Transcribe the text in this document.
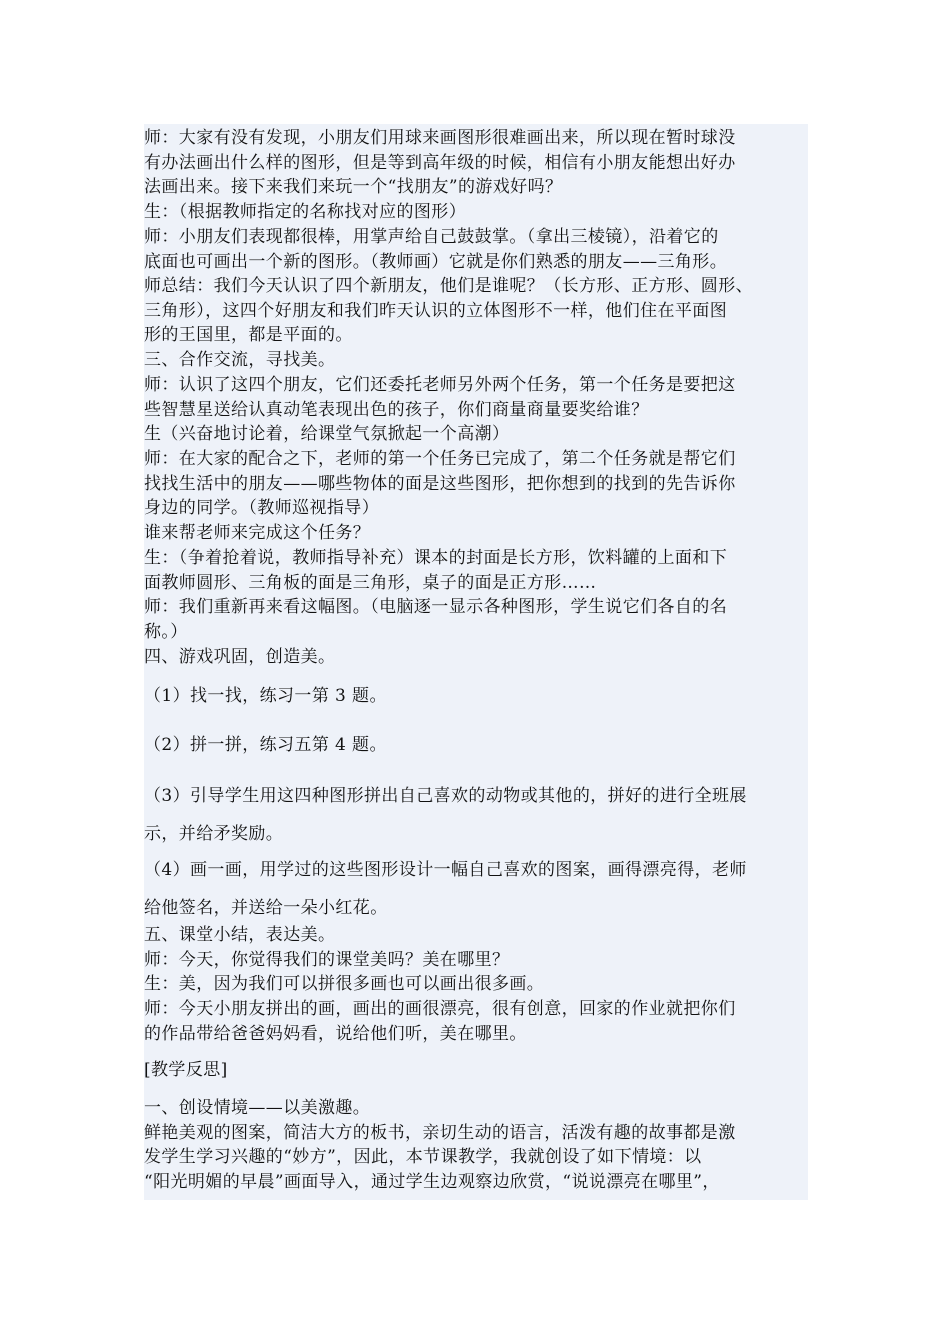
师：大家有没有发现，小朋友们用球来画图形很难画出来，所以现在暂时球没
有办法画出什么样的图形，但是等到高年级的时候，相信有小朋友能想出好办
法画出来。接下来我们来玩一个“找朋友”的游戏好吗？
生：（根据教师指定的名称找对应的图形）
师：小朋友们表现都很棒，用掌声给自己鼓鼓掌。（拿出三棱镜），沿着它的
底面也可画出一个新的图形。（教师画）它就是你们熟悉的朋友——三角形。
师总结：我们今天认识了四个新朋友，他们是谁呢？（长方形、正方形、圆形、
三角形），这四个好朋友和我们昨天认识的立体图形不一样，他们住在平面图
形的王国里，都是平面的。
三、合作交流，寻找美。
师：认识了这四个朋友，它们还委托老师另外两个任务，第一个任务是要把这
些智慧星送给认真动笔表现出色的孩子，你们商量商量要奖给谁？
生（兴奋地讨论着，给课堂气氛掀起一个高潮）
师：在大家的配合之下，老师的第一个任务已完成了，第二个任务就是帮它们
找找生活中的朋友——哪些物体的面是这些图形，把你想到的找到的先告诉你
身边的同学。（教师巡视指导）
谁来帮老师来完成这个任务？
生：（争着抢着说，教师指导补充）课本的封面是长方形，饮料罐的上面和下
面教师圆形、三角板的面是三角形，桌子的面是正方形……
师：我们重新再来看这幅图。（电脑逐一显示各种图形，学生说它们各自的名
称。）
四、游戏巩固，创造美。
（1）找一找，练习一第 3 题。
（2）拼一拼，练习五第 4 题。
（3）引导学生用这四种图形拼出自己喜欢的动物或其他的，拼好的进行全班展
示，并给矛奖励。
（4）画一画，用学过的这些图形设计一幅自己喜欢的图案，画得漂亮得，老师
给他签名，并送给一朵小红花。
五、课堂小结，表达美。
师：今天，你觉得我们的课堂美吗？美在哪里？
生：美，因为我们可以拼很多画也可以画出很多画。
师：今天小朋友拼出的画，画出的画很漂亮，很有创意，回家的作业就把你们
的作品带给爸爸妈妈看，说给他们听，美在哪里。
[教学反思]
一、创设情境——以美激趣。
鲜艳美观的图案，简洁大方的板书，亲切生动的语言，活泼有趣的故事都是激
发学生学习兴趣的“妙方”，因此，本节课教学，我就创设了如下情境：以
“阳光明媚的早晨”画面导入，通过学生边观察边欣赏，“说说漂亮在哪里”，
